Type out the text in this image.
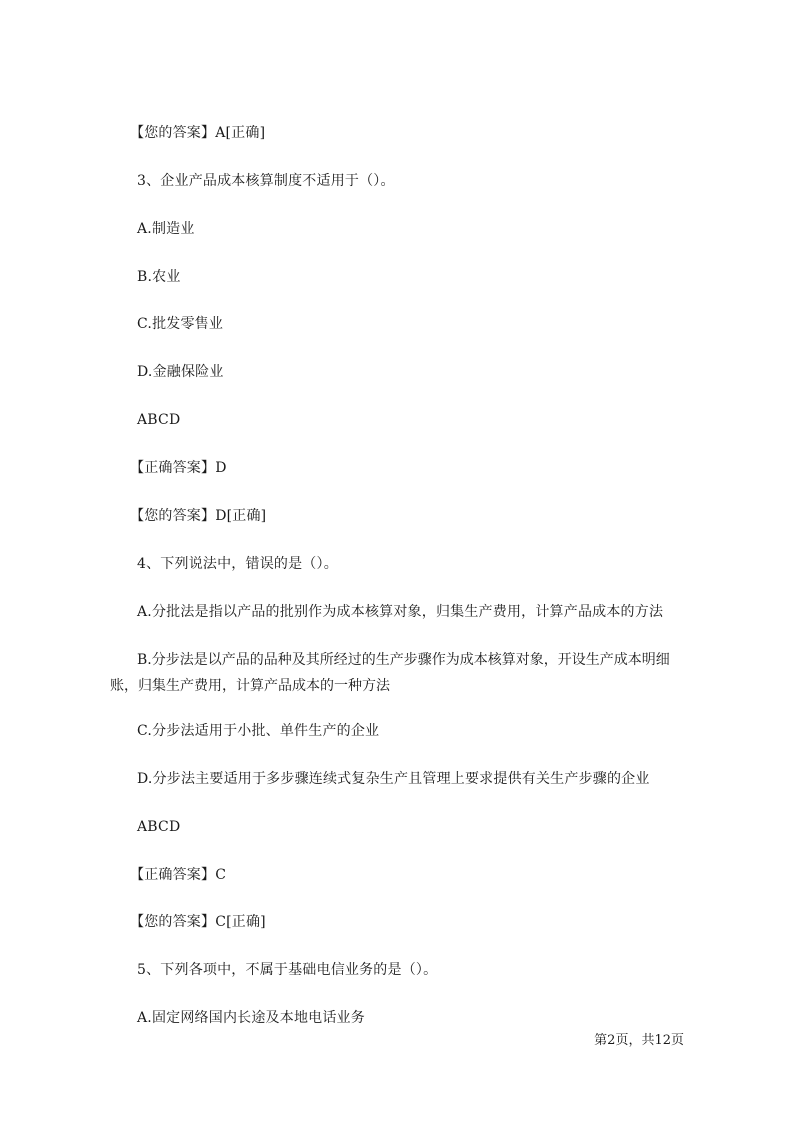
【您的答案】A[正确]
3、企业产品成本核算制度不适用于（）。
A.制造业
B.农业
C.批发零售业
D.金融保险业
ABCD
【正确答案】D
【您的答案】D[正确]
4、下列说法中，错误的是（）。
A.分批法是指以产品的批别作为成本核算对象，归集生产费用，计算产品成本的方法
B.分步法是以产品的品种及其所经过的生产步骤作为成本核算对象，开设生产成本明细账，归集生产费用，计算产品成本的一种方法
C.分步法适用于小批、单件生产的企业
D.分步法主要适用于多步骤连续式复杂生产且管理上要求提供有关生产步骤的企业
ABCD
【正确答案】C
【您的答案】C[正确]
5、下列各项中，不属于基础电信业务的是（）。
A.固定网络国内长途及本地电话业务
第2页，共12页
